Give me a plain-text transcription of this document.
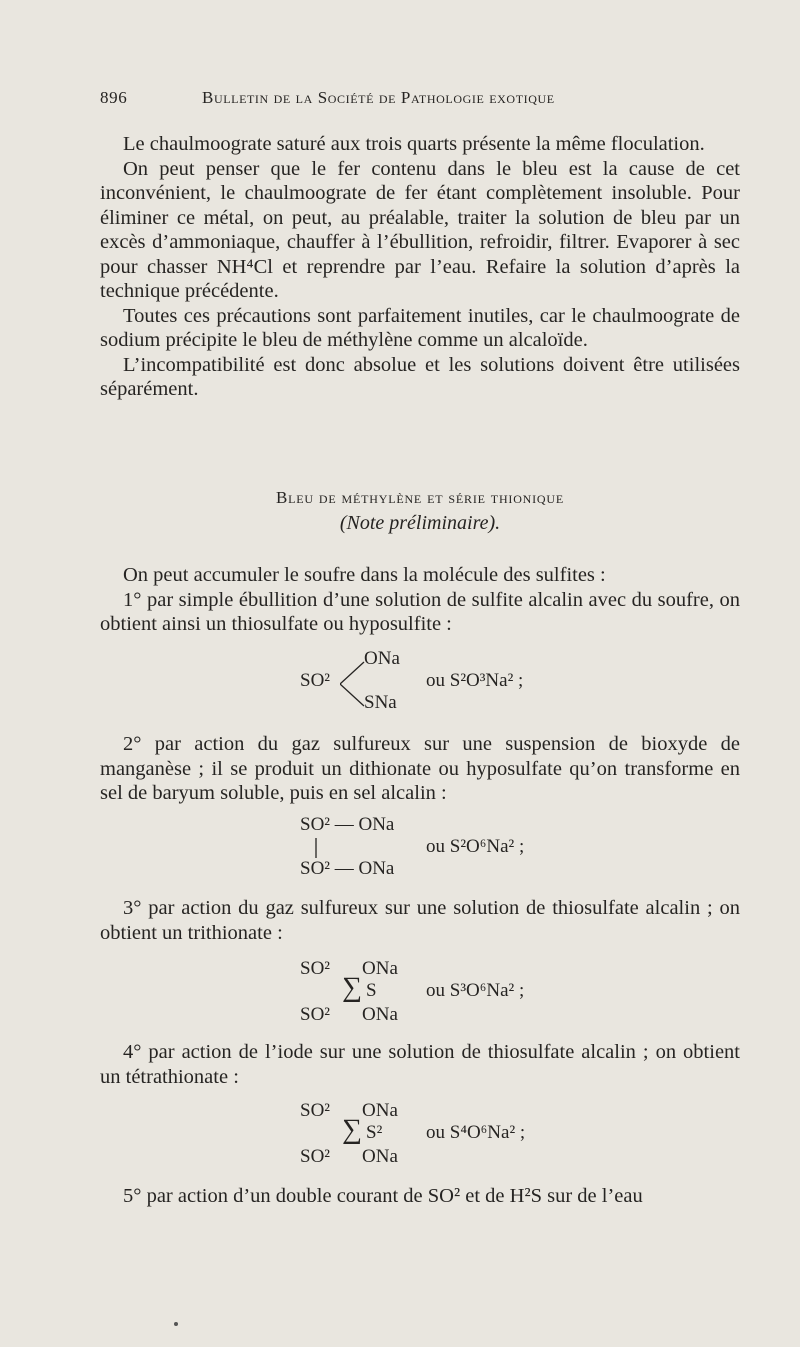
896	Bulletin de la Société de Pathologie exotique

Le chaulmoograte saturé aux trois quarts présente la même floculation.

On peut penser que le fer contenu dans le bleu est la cause de cet inconvénient, le chaulmoograte de fer étant complètement insoluble. Pour éliminer ce métal, on peut, au préalable, traiter la solution de bleu par un excès d’ammoniaque, chauffer à l’ébullition, refroidir, filtrer. Evaporer à sec pour chasser NH⁴Cl et reprendre par l’eau. Refaire la solution d’après la technique précédente.

Toutes ces précautions sont parfaitement inutiles, car le chaulmoograte de sodium précipite le bleu de méthylène comme un alcaloïde.

L’incompatibilité est donc absolue et les solutions doivent être utilisées séparément.

Bleu de méthylène et série thionique
(Note préliminaire).

On peut accumuler le soufre dans la molécule des sulfites :

1° par simple ébullition d’une solution de sulfite alcalin avec du soufre, on obtient ainsi un thiosulfate ou hyposulfite :

ONa
SO²
SNa
ou S²O³Na² ;

2° par action du gaz sulfureux sur une suspension de bioxyde de manganèse ; il se produit un dithionate ou hyposulfate qu’on transforme en sel de baryum soluble, puis en sel alcalin :

SO² — ONa
SO² — ONa
ou S²O⁶Na² ;

3° par action du gaz sulfureux sur une solution de thiosulfate alcalin ; on obtient un trithionate :

SO² ONa
∑ S
SO² ONa
ou S³O⁶Na² ;

4° par action de l’iode sur une solution de thiosulfate alcalin ; on obtient un tétrathionate :

SO² ONa
∑ S²
SO² ONa
ou S⁴O⁶Na² ;

5° par action d’un double courant de SO² et de H²S sur de l’eau
